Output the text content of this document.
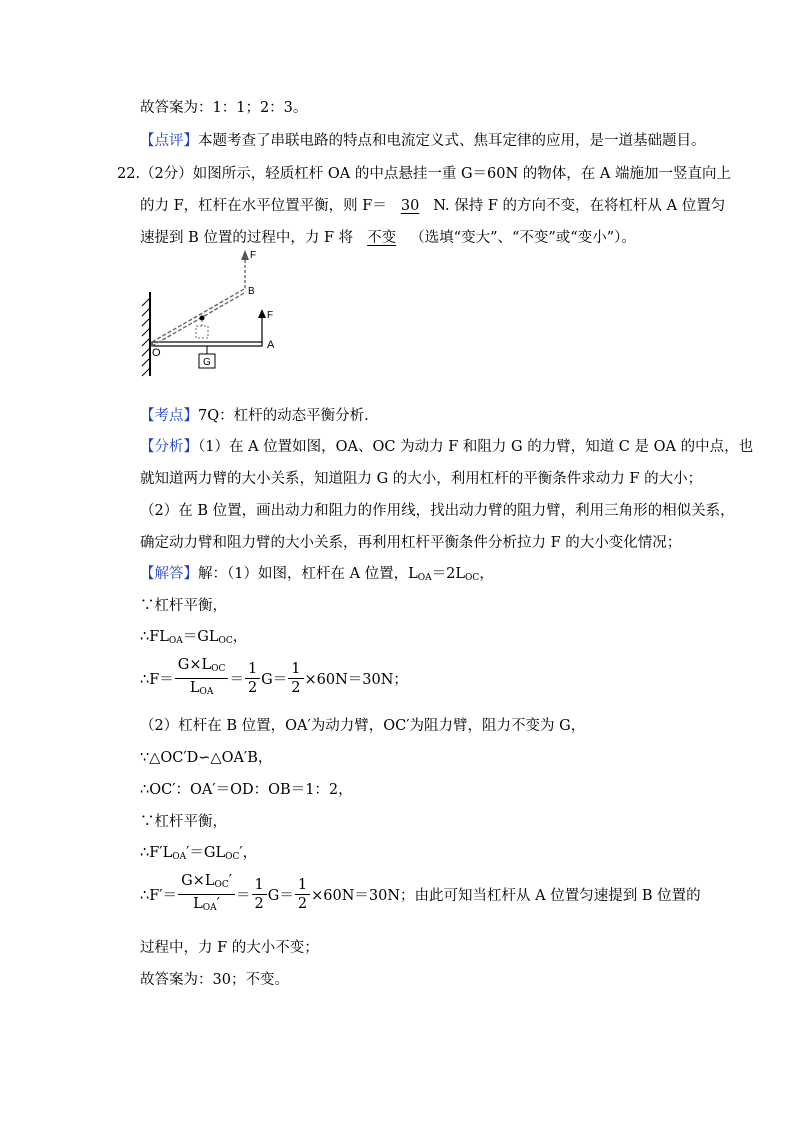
故答案为：1：1；2：3。
【点评】本题考查了串联电路的特点和电流定义式、焦耳定律的应用，是一道基础题目。
22.（2分）如图所示，轻质杠杆 OA 的中点悬挂一重 G＝60N 的物体，在 A 端施加一竖直向上
的力 F，杠杆在水平位置平衡，则 F＝ 30 N. 保持 F 的方向不变，在将杠杆从 A 位置匀
速提到 B 位置的过程中，力 F 将 不变 （选填“变大”、“不变”或“变小”）。
F
B
G
F
A
O
【考点】7Q：杠杆的动态平衡分析.
【分析】（1）在 A 位置如图，OA、OC 为动力 F 和阻力 G 的力臂，知道 C 是 OA 的中点，也
就知道两力臂的大小关系，知道阻力 G 的大小，利用杠杆的平衡条件求动力 F 的大小；
（2）在 B 位置，画出动力和阻力的作用线，找出动力臂的阻力臂，利用三角形的相似关系，
确定动力臂和阻力臂的大小关系，再利用杠杆平衡条件分析拉力 F 的大小变化情况；
【解答】解：（1）如图，杠杆在 A 位置，$L_{OA}=2L_{OC}$，
∵杠杆平衡，
$\therefore FL_{OA}=GL_{OC}$，
∴F＝ $\frac{G\times L_{OC}}{L_{OA}} = \frac{1}{2} G= \frac{1}{2} \times 60N=30N$；
（2）杠杆在 B 位置，OA′为动力臂，OC′为阻力臂，阻力不变为 G，
∵△OC′D∽△OA′B，
∴OC′：OA′＝OD：OB＝1：2，
∵杠杆平衡，
$\therefore F'L_{OA}'=GL_{OC}'$，
∴F′＝ $\frac{G\times L_{OC}'}{L_{OA}'} = \frac{1}{2} G= \frac{1}{2} \times 60N=30N$；由此可知当杠杆从 A 位置匀速提到 B 位置的
过程中，力 F 的大小不变；
故答案为：30；不变。
